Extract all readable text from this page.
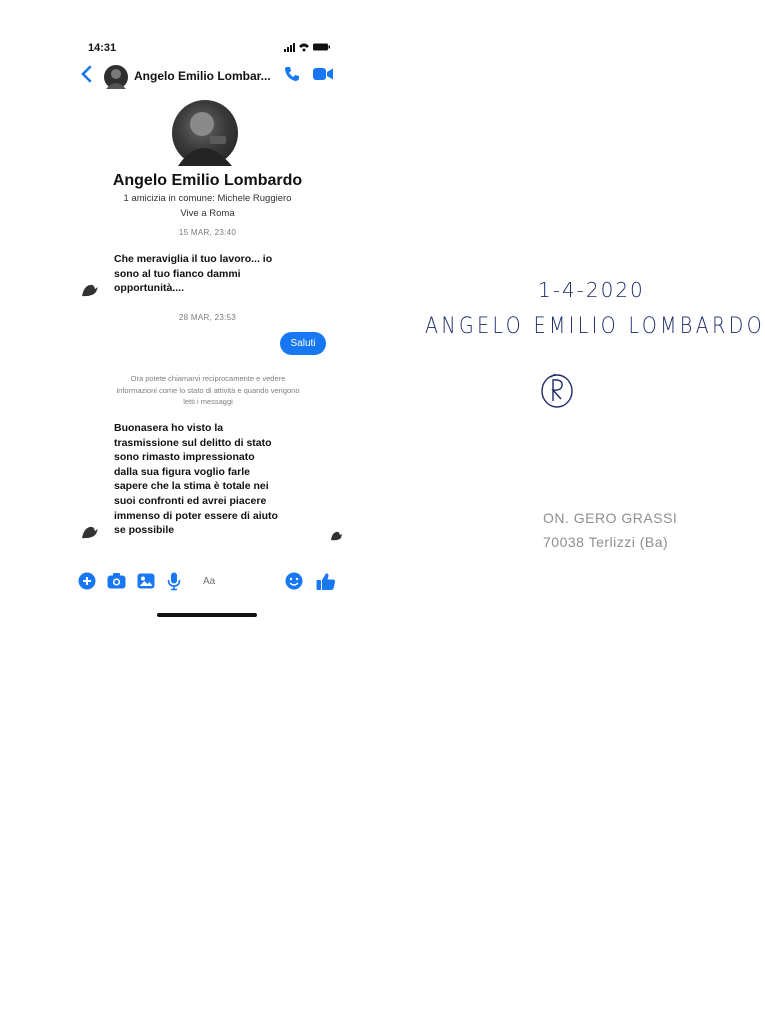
14:31
Angelo Emilio Lombar...
Angelo Emilio Lombardo
1 amicizia in comune: Michele Ruggiero
Vive a Roma
15 MAR, 23:40
Che meraviglia il tuo lavoro... io
sono al tuo fianco dammi
opportunità....
28 MAR, 23:53
Saluti
Ora potete chiamarvi reciprocamente e vedere
informazioni come lo stato di attività e quando vengono
letti i messaggi
Buonasera ho visto la
trasmissione sul delitto di stato
sono rimasto impressionato
dalla sua figura voglio farle
sapere che la stima è totale nei
suoi confronti ed avrei piacere
immenso di poter essere di aiuto
se possibile
Aa
1-4-2020
ANGELO EMILIO LOMBARDO
ON. GERO GRASSI
70038 Terlizzi (Ba)
